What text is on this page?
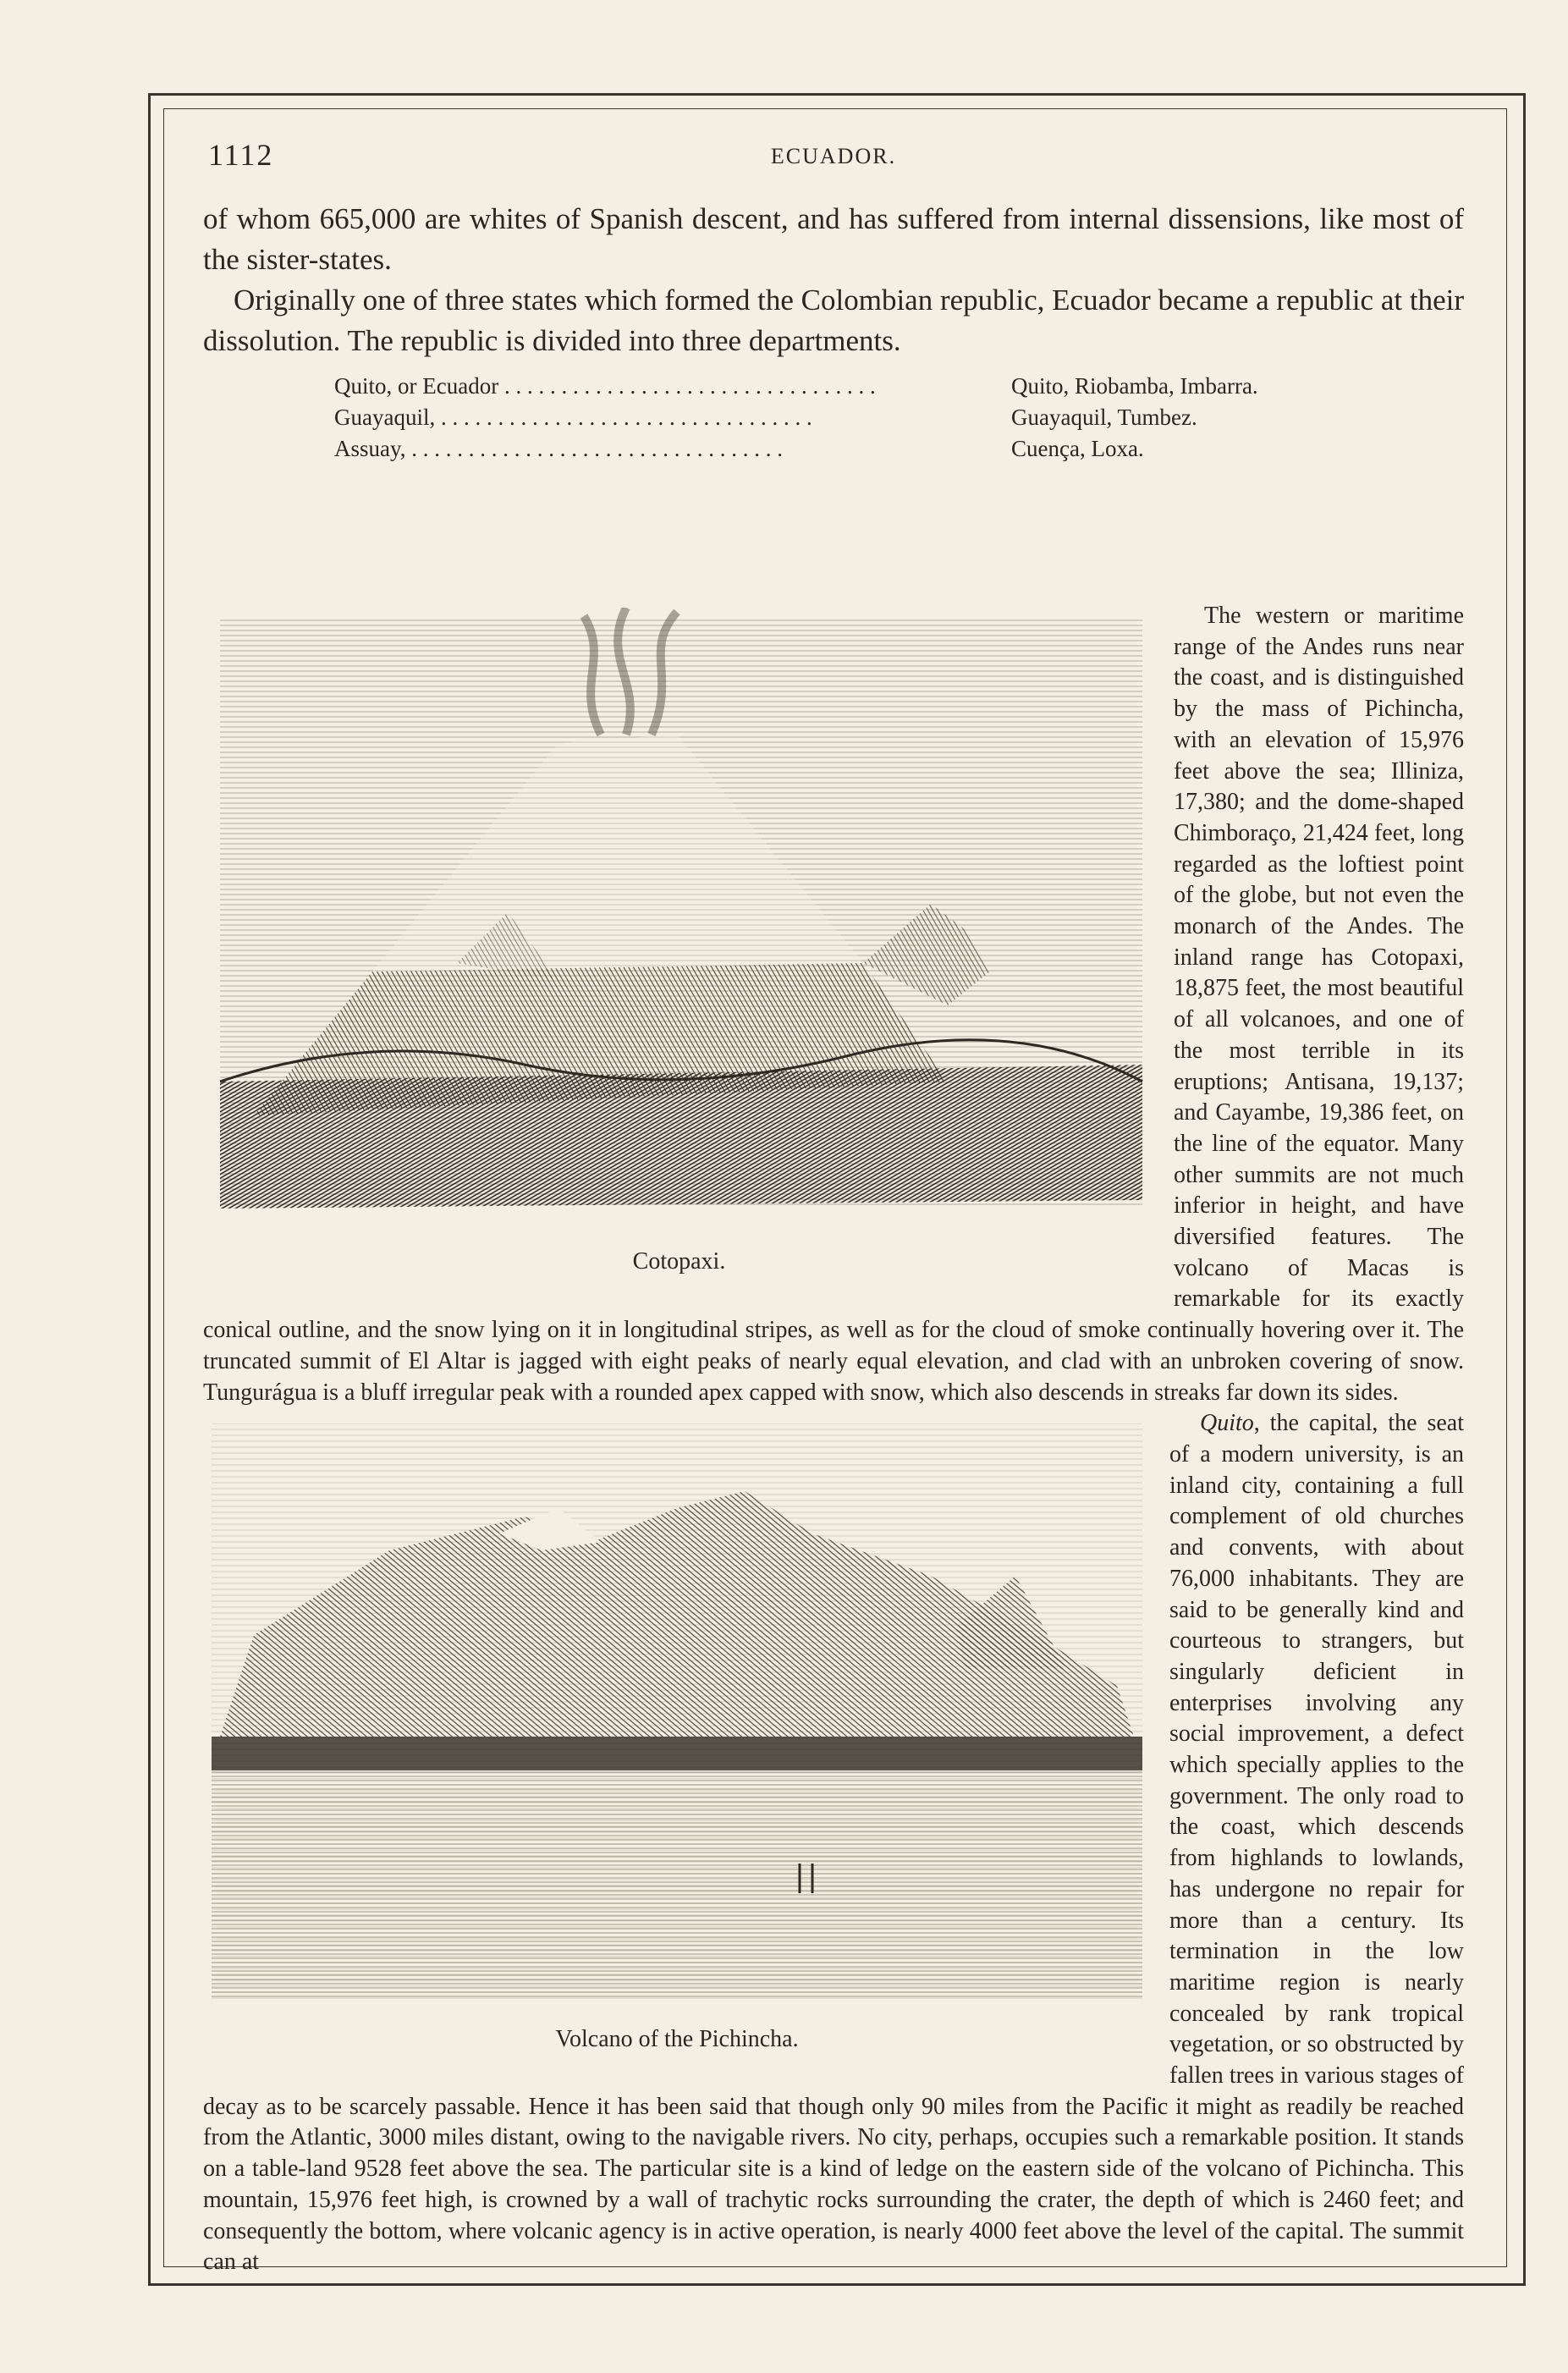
1112	ECUADOR.

of whom 665,000 are whites of Spanish descent, and has suffered from internal dissensions, like most of the sister-states.

Originally one of three states which formed the Colombian republic, Ecuador became a republic at their dissolution. The republic is divided into three departments.

Quito, or Ecuador . . .	Quito, Riobamba, Imbarra.
Guayaquil, . . .	Guayaquil, Tumbez.
Assuay, . . .	Cuença, Loxa.
Cotopaxi.

The western or maritime range of the Andes runs near the coast, and is distinguished by the mass of Pichincha, with an elevation of 15,976 feet above the sea; Illiniza, 17,380; and the dome-shaped Chimboraço, 21,424 feet, long regarded as the loftiest point of the globe, but not even the monarch of the Andes. The inland range has Cotopaxi, 18,875 feet, the most beautiful of all volcanoes, and one of the most terrible in its eruptions; Antisana, 19,137; and Cayambe, 19,386 feet, on the line of the equator. Many other summits are not much inferior in height, and have diversified features. The volcano of Macas is remarkable for its exactly conical outline, and the snow lying on it in longitudinal stripes, as well as for the cloud of smoke continually hovering over it. The truncated summit of El Altar is jagged with eight peaks of nearly equal elevation, and clad with an unbroken covering of snow. Tungurágua is a bluff irregular peak with a rounded apex capped with snow, which also descends in streaks far down its sides.

Volcano of the Pichincha.

Quito, the capital, the seat of a modern university, is an inland city, containing a full complement of old churches and convents, with about 76,000 inhabitants. They are said to be generally kind and courteous to strangers, but singularly deficient in enterprises involving any social improvement, a defect which specially applies to the government. The only road to the coast, which descends from highlands to lowlands, has undergone no repair for more than a century. Its termination in the low maritime region is nearly concealed by rank tropical vegetation, or so obstructed by fallen trees in various stages of decay as to be scarcely passable. Hence it has been said that though only 90 miles from the Pacific it might as readily be reached from the Atlantic, 3000 miles distant, owing to the navigable rivers. No city, perhaps, occupies such a remarkable position. It stands on a table-land 9528 feet above the sea. The particular site is a kind of ledge on the eastern side of the volcano of Pichincha. This mountain, 15,976 feet high, is crowned by a wall of trachytic rocks surrounding the crater, the depth of which is 2460 feet; and consequently the bottom, where volcanic agency is in active operation, is nearly 4000 feet above the level of the capital. The summit can at
